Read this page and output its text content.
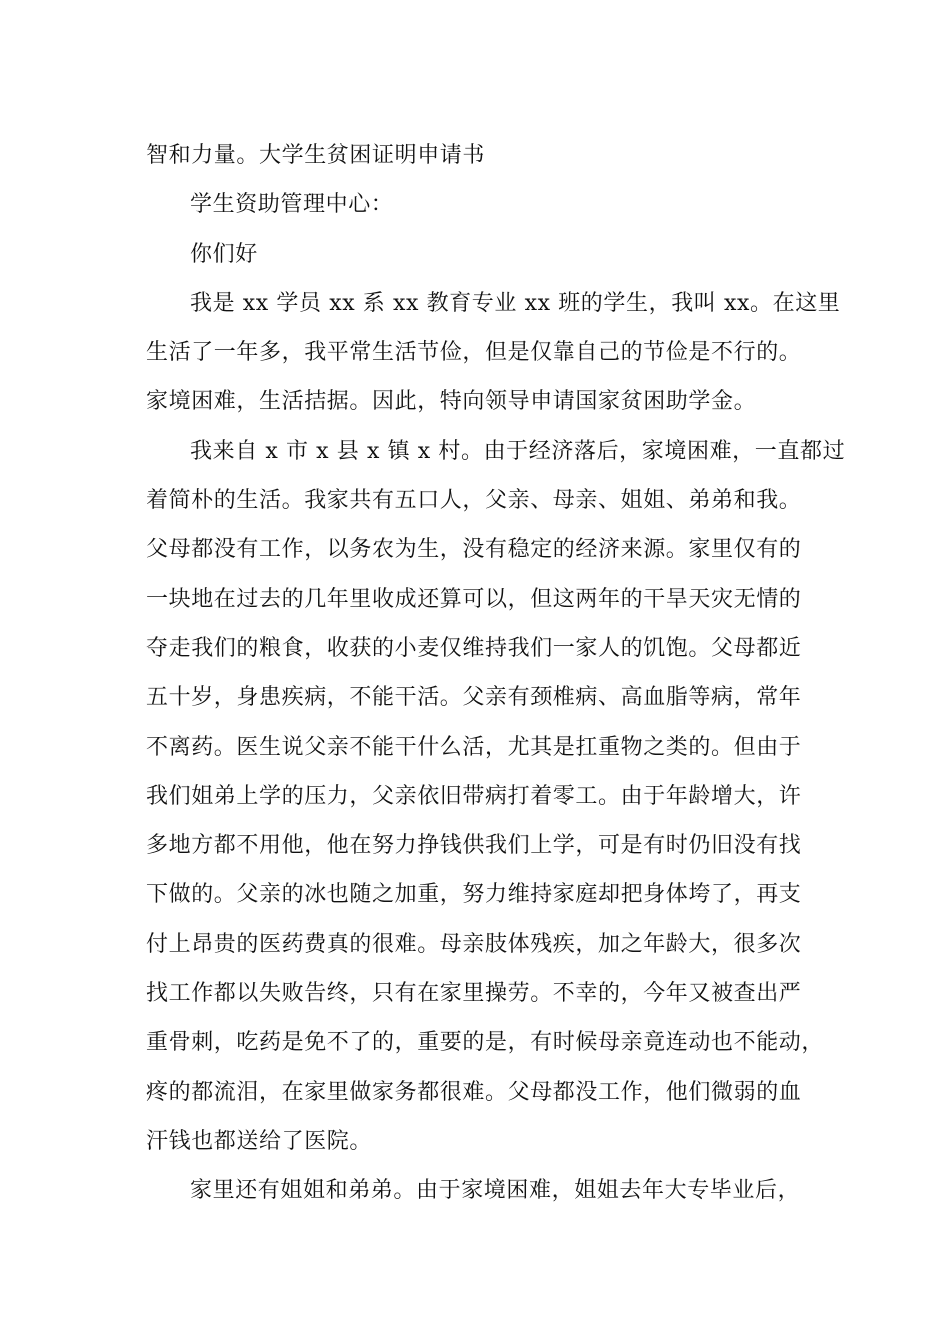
智和力量。大学生贫困证明申请书
学生资助管理中心：
你们好
我是 xx 学员 xx 系 xx 教育专业 xx 班的学生，我叫 xx。在这里
生活了一年多，我平常生活节俭，但是仅靠自己的节俭是不行的。
家境困难，生活拮据。因此，特向领导申请国家贫困助学金。
我来自 x 市 x 县 x 镇 x 村。由于经济落后，家境困难，一直都过
着简朴的生活。我家共有五口人，父亲、母亲、姐姐、弟弟和我。
父母都没有工作，以务农为生，没有稳定的经济来源。家里仅有的
一块地在过去的几年里收成还算可以，但这两年的干旱天灾无情的
夺走我们的粮食，收获的小麦仅维持我们一家人的饥饱。父母都近
五十岁，身患疾病，不能干活。父亲有颈椎病、高血脂等病，常年
不离药。医生说父亲不能干什么活，尤其是扛重物之类的。但由于
我们姐弟上学的压力，父亲依旧带病打着零工。由于年龄增大，许
多地方都不用他，他在努力挣钱供我们上学，可是有时仍旧没有找
下做的。父亲的冰也随之加重，努力维持家庭却把身体垮了，再支
付上昂贵的医药费真的很难。母亲肢体残疾，加之年龄大，很多次
找工作都以失败告终，只有在家里操劳。不幸的，今年又被查出严
重骨刺，吃药是免不了的，重要的是，有时候母亲竟连动也不能动，
疼的都流泪，在家里做家务都很难。父母都没工作，他们微弱的血
汗钱也都送给了医院。
家里还有姐姐和弟弟。由于家境困难，姐姐去年大专毕业后，
